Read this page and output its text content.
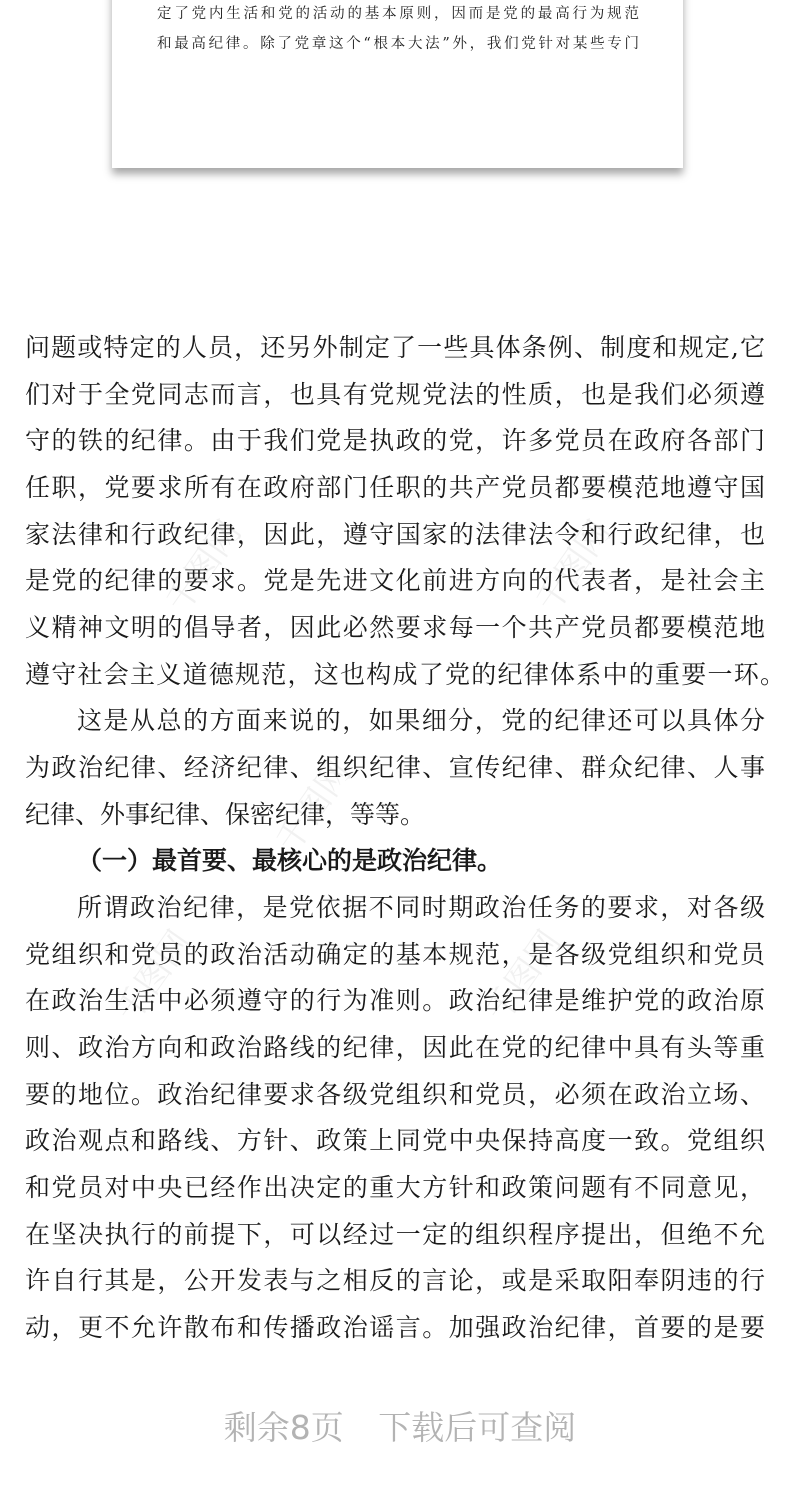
定了党内生活和党的活动的基本原则，因而是党的最高行为规范
和最高纪律。除了党章这个“根本大法”外，我们党针对某些专门
千图网	千图网
千图网
千图网	千图网
问题或特定的人员，还另外制定了一些具体条例、制度和规定,它
们对于全党同志而言，也具有党规党法的性质，也是我们必须遵
守的铁的纪律。由于我们党是执政的党，许多党员在政府各部门
任职，党要求所有在政府部门任职的共产党员都要模范地遵守国
家法律和行政纪律，因此，遵守国家的法律法令和行政纪律，也
是党的纪律的要求。党是先进文化前进方向的代表者，是社会主
义精神文明的倡导者，因此必然要求每一个共产党员都要模范地
遵守社会主义道德规范，这也构成了党的纪律体系中的重要一环。
这是从总的方面来说的，如果细分，党的纪律还可以具体分
为政治纪律、经济纪律、组织纪律、宣传纪律、群众纪律、人事
纪律、外事纪律、保密纪律，等等。
（一）最首要、最核心的是政治纪律。
所谓政治纪律，是党依据不同时期政治任务的要求，对各级
党组织和党员的政治活动确定的基本规范，是各级党组织和党员
在政治生活中必须遵守的行为准则。政治纪律是维护党的政治原
则、政治方向和政治路线的纪律，因此在党的纪律中具有头等重
要的地位。政治纪律要求各级党组织和党员，必须在政治立场、
政治观点和路线、方针、政策上同党中央保持高度一致。党组织
和党员对中央已经作出决定的重大方针和政策问题有不同意见，
在坚决执行的前提下，可以经过一定的组织程序提出，但绝不允
许自行其是，公开发表与之相反的言论，或是采取阳奉阴违的行
动，更不允许散布和传播政治谣言。加强政治纪律，首要的是要
剩余8页 下载后可查阅
